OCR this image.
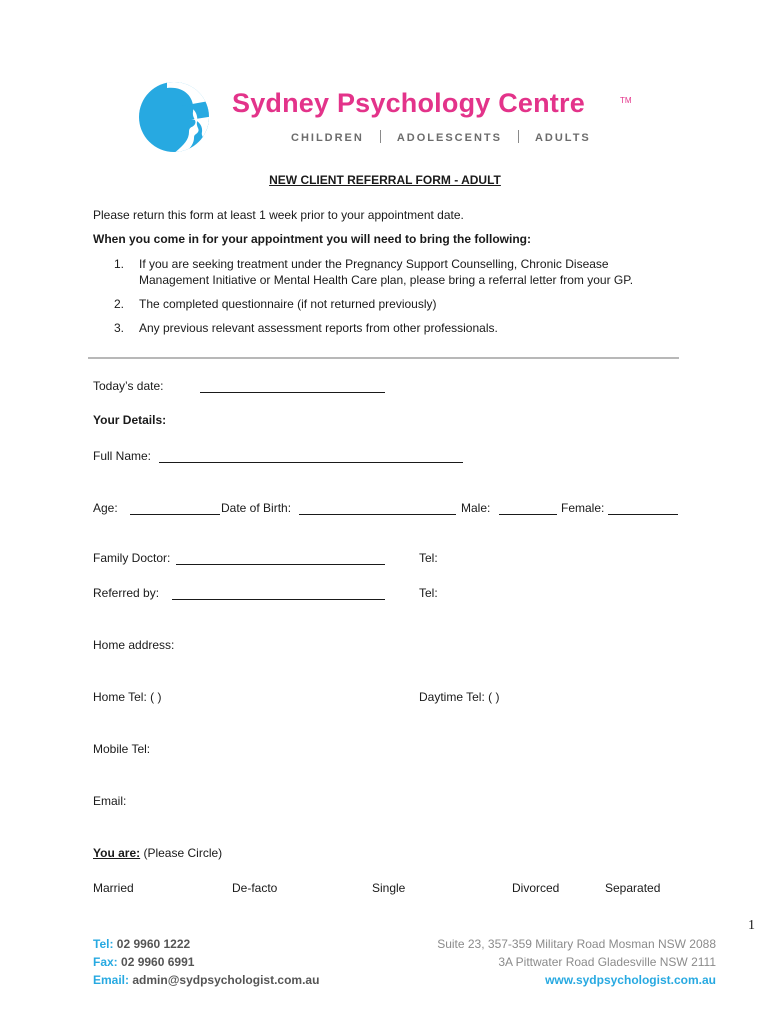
Sydney Psychology Centre	TM
CHILDREN	ADOLESCENTS	ADULTS
NEW CLIENT REFERRAL FORM - ADULT
Please return this form at least 1 week prior to your appointment date.
When you come in for your appointment you will need to bring the following:
1. If you are seeking treatment under the Pregnancy Support Counselling, Chronic Disease Management Initiative or Mental Health Care plan, please bring a referral letter from your GP.
2. The completed questionnaire (if not returned previously)
3. Any previous relevant assessment reports from other professionals.
Today’s date:
Your Details:
Full Name:
Age:	Date of Birth:	Male:	Female:
Family Doctor:	Tel:
Referred by:	Tel:
Home address:
Home Tel: ( )	Daytime Tel: ( )
Mobile Tel:
Email:
You are: (Please Circle)
Married	De-facto	Single	Divorced	Separated
1
Tel: 02 9960 1222
Fax: 02 9960 6991
Email: admin@sydpsychologist.com.au
Suite 23, 357-359 Military Road Mosman NSW 2088
3A Pittwater Road Gladesville NSW 2111
www.sydpsychologist.com.au
